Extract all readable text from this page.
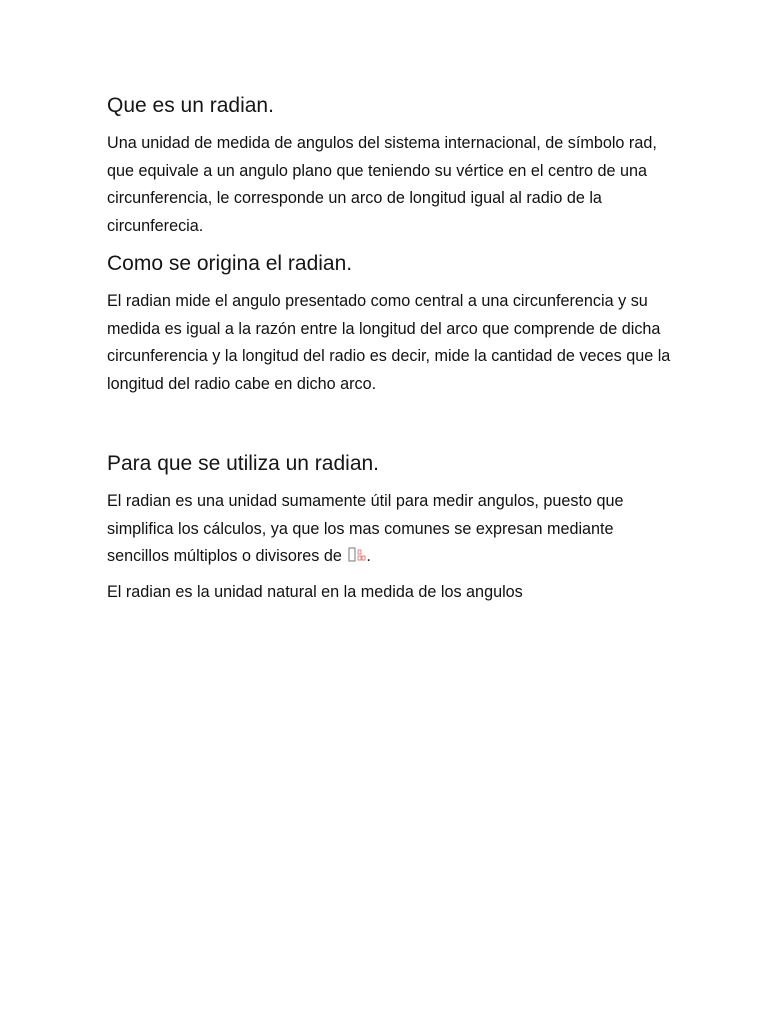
Que es un radian.

Una unidad de medida de angulos del sistema internacional, de símbolo rad, que equivale a un angulo plano que teniendo su vértice en el centro de una circunferencia, le corresponde un arco de longitud igual al radio de la circunferecia.

Como se origina el radian.

El radian mide el angulo presentado como central a una circunferencia y su medida es igual a la razón entre la longitud del arco que comprende de dicha circunferencia y la longitud del radio es decir, mide la cantidad de veces que la longitud del radio cabe en dicho arco.

Para que se utiliza un radian.

El radian es una unidad sumamente útil para medir angulos, puesto que simplifica los cálculos, ya que los mas comunes se expresan mediante sencillos múltiplos o divisores de .

El radian es la unidad natural en la medida de los angulos
